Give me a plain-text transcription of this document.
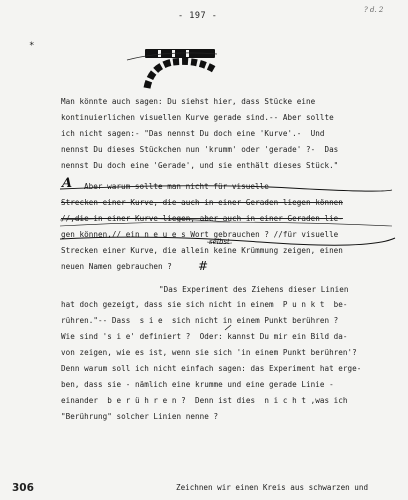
- 197 -
? d. 2
*
Man könnte auch sagen: Du siehst hier, dass Stücke eine
kontinuierlichen visuellen Kurve gerade sind.-- Aber sollte
ich nicht sagen:- "Das nennst Du doch eine 'Kurve'.-  Und
nennst Du dieses Stückchen nun 'krumm' oder 'gerade' ?-  Das
nennst Du doch eine 'Gerade', und sie enthält dieses Stück."
Aber warum sollte man nicht für visuelle
Strecken einer Kurve, die auch in einer Geraden liegen können
//,die in einer Kurve liegen, aber auch in einer Geraden lie-
gen können,// ein n e u e s Wort gebrauchen ? //für visuelle
Strecken einer Kurve, die allein keine Krümmung zeigen, einen
neuen Namen gebrauchen ?
"Das Experiment des Ziehens dieser Linien
hat doch gezeigt, dass sie sich nicht in einem  P u n k t  be-
rühren."-- Dass  s i e  sich nicht in einem Punkt berühren ?
Wie sind 's i e' definiert ?  Oder: kannst Du mir ein Bild da-
von zeigen, wie es ist, wenn sie sich 'in einem Punkt berühren'?
Denn warum soll ich nicht einfach sagen: das Experiment hat erge-
ben, dass sie - nämlich eine krumme und eine gerade Linie -
einander  b e r ü h r e n ?  Denn ist dies  n i c h t ,was ich
"Berührung" solcher Linien nenne ?
A
selbst
#
306	Zeichnen wir einen Kreis aus schwarzen und
